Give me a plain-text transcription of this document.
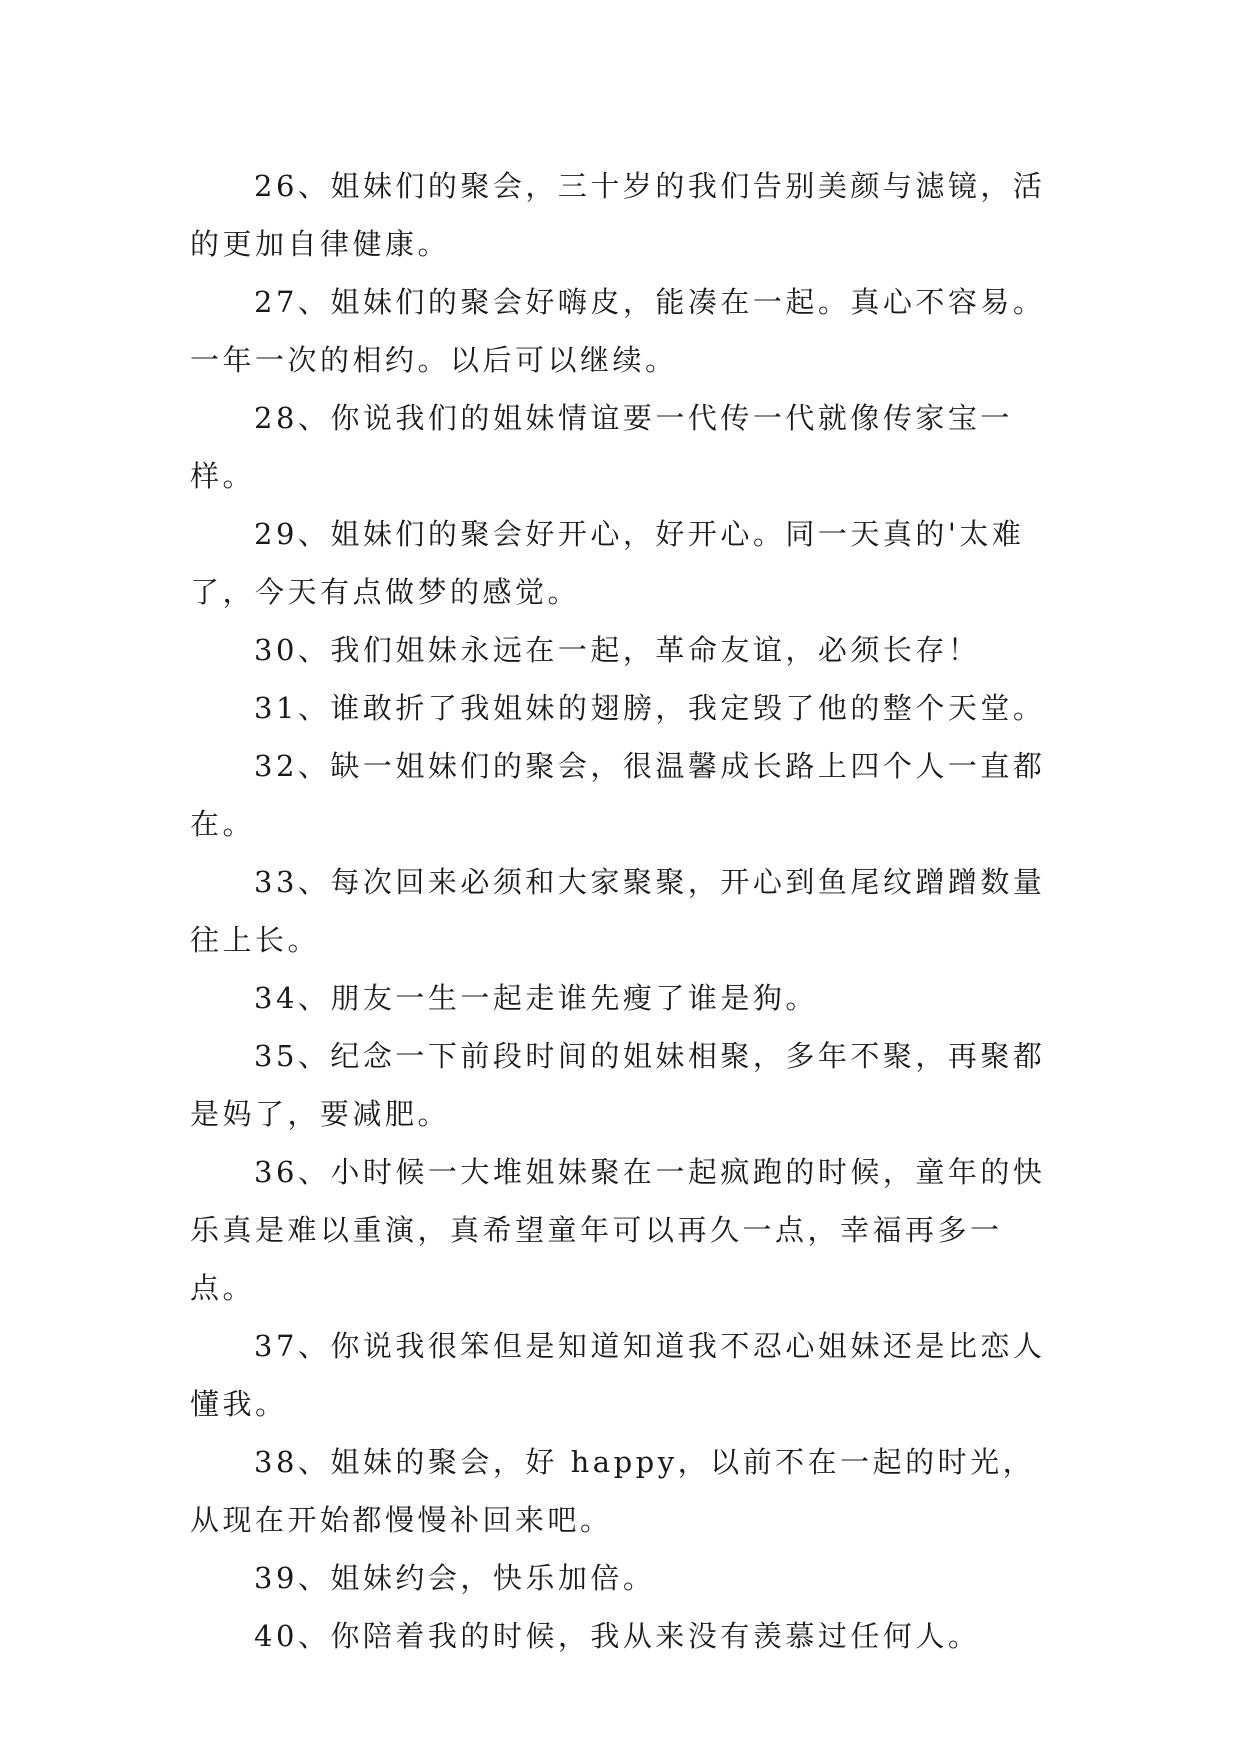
26、姐妹们的聚会，三十岁的我们告别美颜与滤镜，活的更加自律健康。

27、姐妹们的聚会好嗨皮，能凑在一起。真心不容易。一年一次的相约。以后可以继续。

28、你说我们的姐妹情谊要一代传一代就像传家宝一样。

29、姐妹们的聚会好开心，好开心。同一天真的'太难了，今天有点做梦的感觉。

30、我们姐妹永远在一起，革命友谊，必须长存！

31、谁敢折了我姐妹的翅膀，我定毁了他的整个天堂。

32、缺一姐妹们的聚会，很温馨成长路上四个人一直都在。

33、每次回来必须和大家聚聚，开心到鱼尾纹蹭蹭数量往上长。

34、朋友一生一起走谁先瘦了谁是狗。

35、纪念一下前段时间的姐妹相聚，多年不聚，再聚都是妈了，要减肥。

36、小时候一大堆姐妹聚在一起疯跑的时候，童年的快乐真是难以重演，真希望童年可以再久一点，幸福再多一点。

37、你说我很笨但是知道知道我不忍心姐妹还是比恋人懂我。

38、姐妹的聚会，好 happy，以前不在一起的时光，从现在开始都慢慢补回来吧。

39、姐妹约会，快乐加倍。

40、你陪着我的时候，我从来没有羡慕过任何人。
